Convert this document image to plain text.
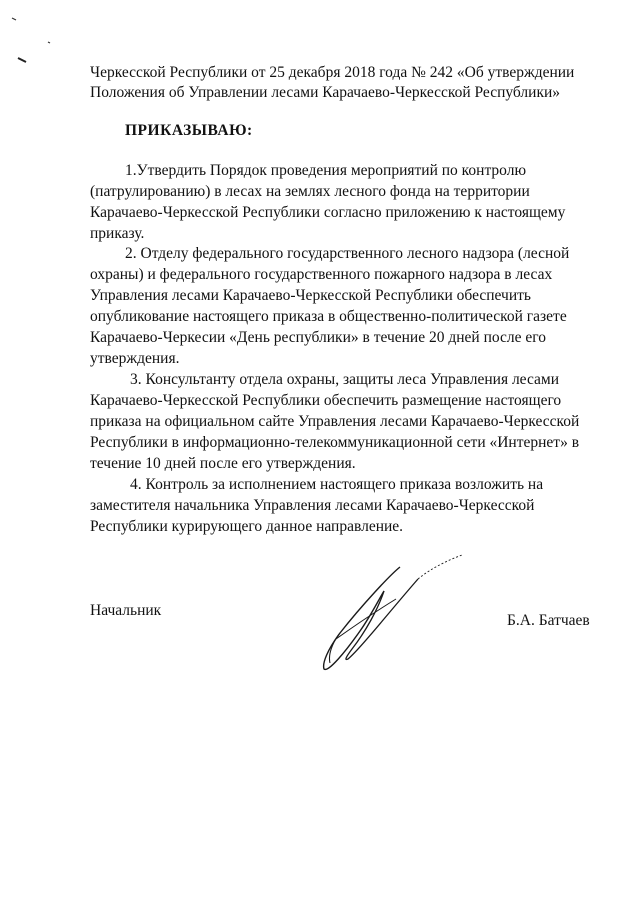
Черкесской Республики от 25 декабря 2018 года № 242 «Об утверждении
Положения об Управлении лесами Карачаево-Черкесской Республики»
ПРИКАЗЫВАЮ:
1.Утвердить Порядок проведения мероприятий по контролю
(патрулированию) в лесах на землях лесного фонда на территории
Карачаево-Черкесской Республики согласно приложению к настоящему
приказу.
2. Отделу федерального государственного лесного надзора (лесной
охраны) и федерального государственного пожарного надзора в лесах
Управления лесами Карачаево-Черкесской Республики обеспечить
опубликование настоящего приказа в общественно-политической газете
Карачаево-Черкесии «День республики» в течение 20 дней после его
утверждения.
3. Консультанту отдела охраны, защиты леса Управления лесами
Карачаево-Черкесской Республики обеспечить размещение настоящего
приказа на официальном сайте Управления лесами Карачаево-Черкесской
Республики в информационно-телекоммуникационной сети «Интернет» в
течение 10 дней после его утверждения.
4. Контроль за исполнением настоящего приказа возложить на
заместителя начальника Управления лесами Карачаево-Черкесской
Республики курирующего данное направление.
Начальник
Б.А. Батчаев
